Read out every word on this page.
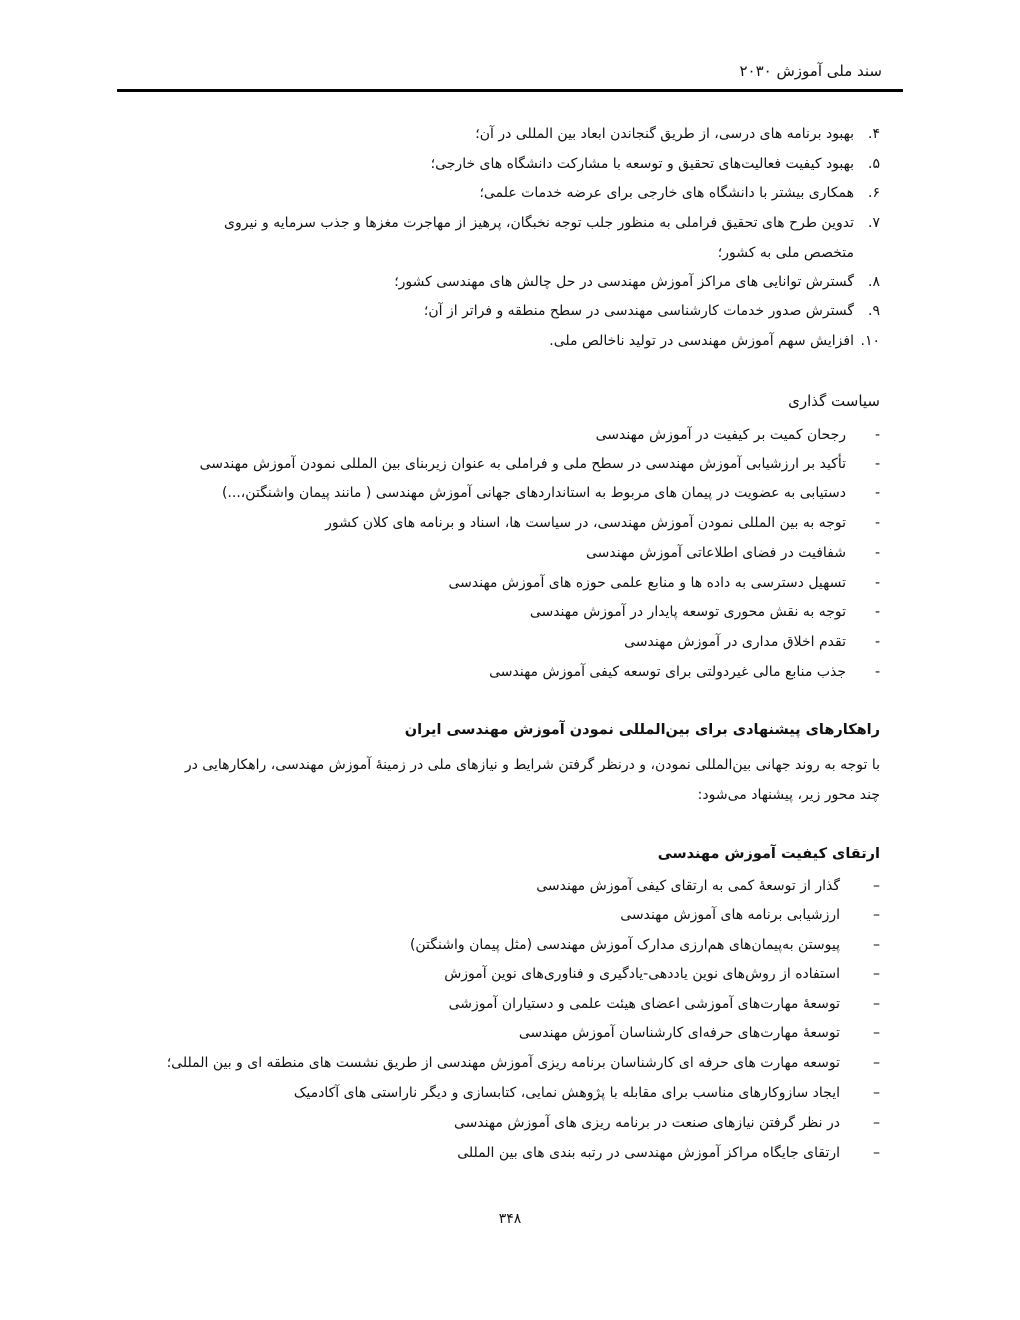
سند ملی آموزش ۲۰۳۰
۴.بهبود برنامه های درسی، از طریق گنجاندن ابعاد بین المللی در آن؛
۵.بهبود کیفیت فعالیت‌های تحقیق و توسعه با مشارکت دانشگاه های خارجی؛
۶.همکاری بیشتر با دانشگاه های خارجی برای عرضه خدمات علمی؛
۷.تدوین طرح های تحقیق فراملی به منظور جلب توجه نخبگان، پرهیز از مهاجرت مغزها و جذب سرمایه و نیروی
متخصص ملی به کشور؛
۸.گسترش توانایی های مراکز آموزش مهندسی در حل چالش های مهندسی کشور؛
۹.گسترش صدور خدمات کارشناسی مهندسی در سطح منطقه و فراتر از آن؛
۱۰.افزایش سهم آموزش مهندسی در تولید ناخالص ملی.
سیاست گذاری
-رجحان کمیت بر کیفیت در آموزش مهندسی
-تأکید بر ارزشیابی آموزش مهندسی در سطح ملی و فراملی به عنوان زیربنای بین المللی نمودن آموزش مهندسی
-دستیابی به عضویت در پیمان های مربوط به استانداردهای جهانی آموزش مهندسی ( مانند پیمان واشنگتن،...)
-توجه به بین المللی نمودن آموزش مهندسی، در سیاست ها، اسناد و برنامه های کلان کشور
-شفافیت در فضای اطلاعاتی آموزش مهندسی
-تسهیل دسترسی به داده ها و منابع علمی حوزه های آموزش مهندسی
-توجه به نقش محوری توسعه پایدار در آموزش مهندسی
-تقدم اخلاق مداری در آموزش مهندسی
-جذب منابع مالی غیردولتی برای توسعه کیفی آموزش مهندسی
راهکارهای پیشنهادی برای بین‌المللی نمودن آموزش مهندسی ایران
با توجه به روند جهانی بین‌المللی نمودن، و درنظر گرفتن شرایط و نیازهای ملی در زمینهٔ آموزش مهندسی، راهکارهایی در
چند محور زیر، پیشنهاد می‌شود:
ارتقای کیفیت آموزش مهندسی
–گذار از توسعهٔ کمی به ارتقای کیفی آموزش مهندسی
–ارزشیابی برنامه های آموزش مهندسی
–پیوستن به‌پیمان‌های هم‌ارزی مدارک آموزش مهندسی (مثل پیمان واشنگتن)
–استفاده از روش‌های نوین یاددهی-یادگیری و فناوری‌های نوین آموزش
–توسعهٔ مهارت‌های آموزشی اعضای هیئت علمی و دستیاران آموزشی
–توسعهٔ مهارت‌های حرفه‌ای کارشناسان آموزش مهندسی
–توسعه مهارت های حرفه ای کارشناسان برنامه ریزی آموزش مهندسی از طریق نشست های منطقه ای و بین المللی؛
–ایجاد سازوکارهای مناسب برای مقابله با پژوهش نمایی، کتابسازی و دیگر ناراستی های آکادمیک
–در نظر گرفتن نیازهای صنعت در برنامه ریزی های آموزش مهندسی
–ارتقای جایگاه مراکز آموزش مهندسی در رتبه بندی های بین المللی
۳۴۸
